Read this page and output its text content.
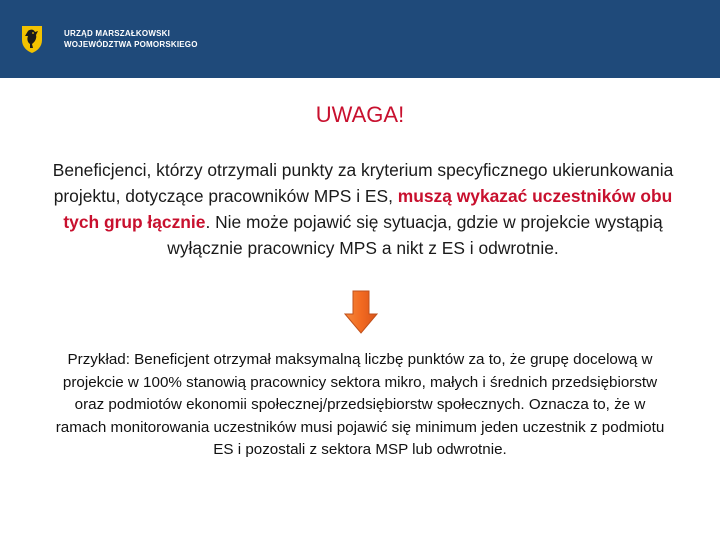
URZĄD MARSZAŁKOWSKI
WOJEWÓDZTWA POMORSKIEGO
UWAGA!
Beneficjenci, którzy otrzymali punkty za kryterium specyficznego ukierunkowania projektu, dotyczące pracowników MPS i ES, muszą wykazać uczestników obu tych grup łącznie. Nie może pojawić się sytuacja, gdzie w projekcie wystąpią wyłącznie pracownicy MPS a nikt z ES i odwrotnie.
Przykład: Beneficjent otrzymał maksymalną liczbę punktów za to, że grupę docelową w projekcie w 100% stanowią pracownicy sektora mikro, małych i średnich przedsiębiorstw oraz podmiotów ekonomii społecznej/przedsiębiorstw społecznych. Oznacza to, że w ramach monitorowania uczestników musi pojawić się minimum jeden uczestnik z podmiotu ES i pozostali z sektora MSP lub odwrotnie.
